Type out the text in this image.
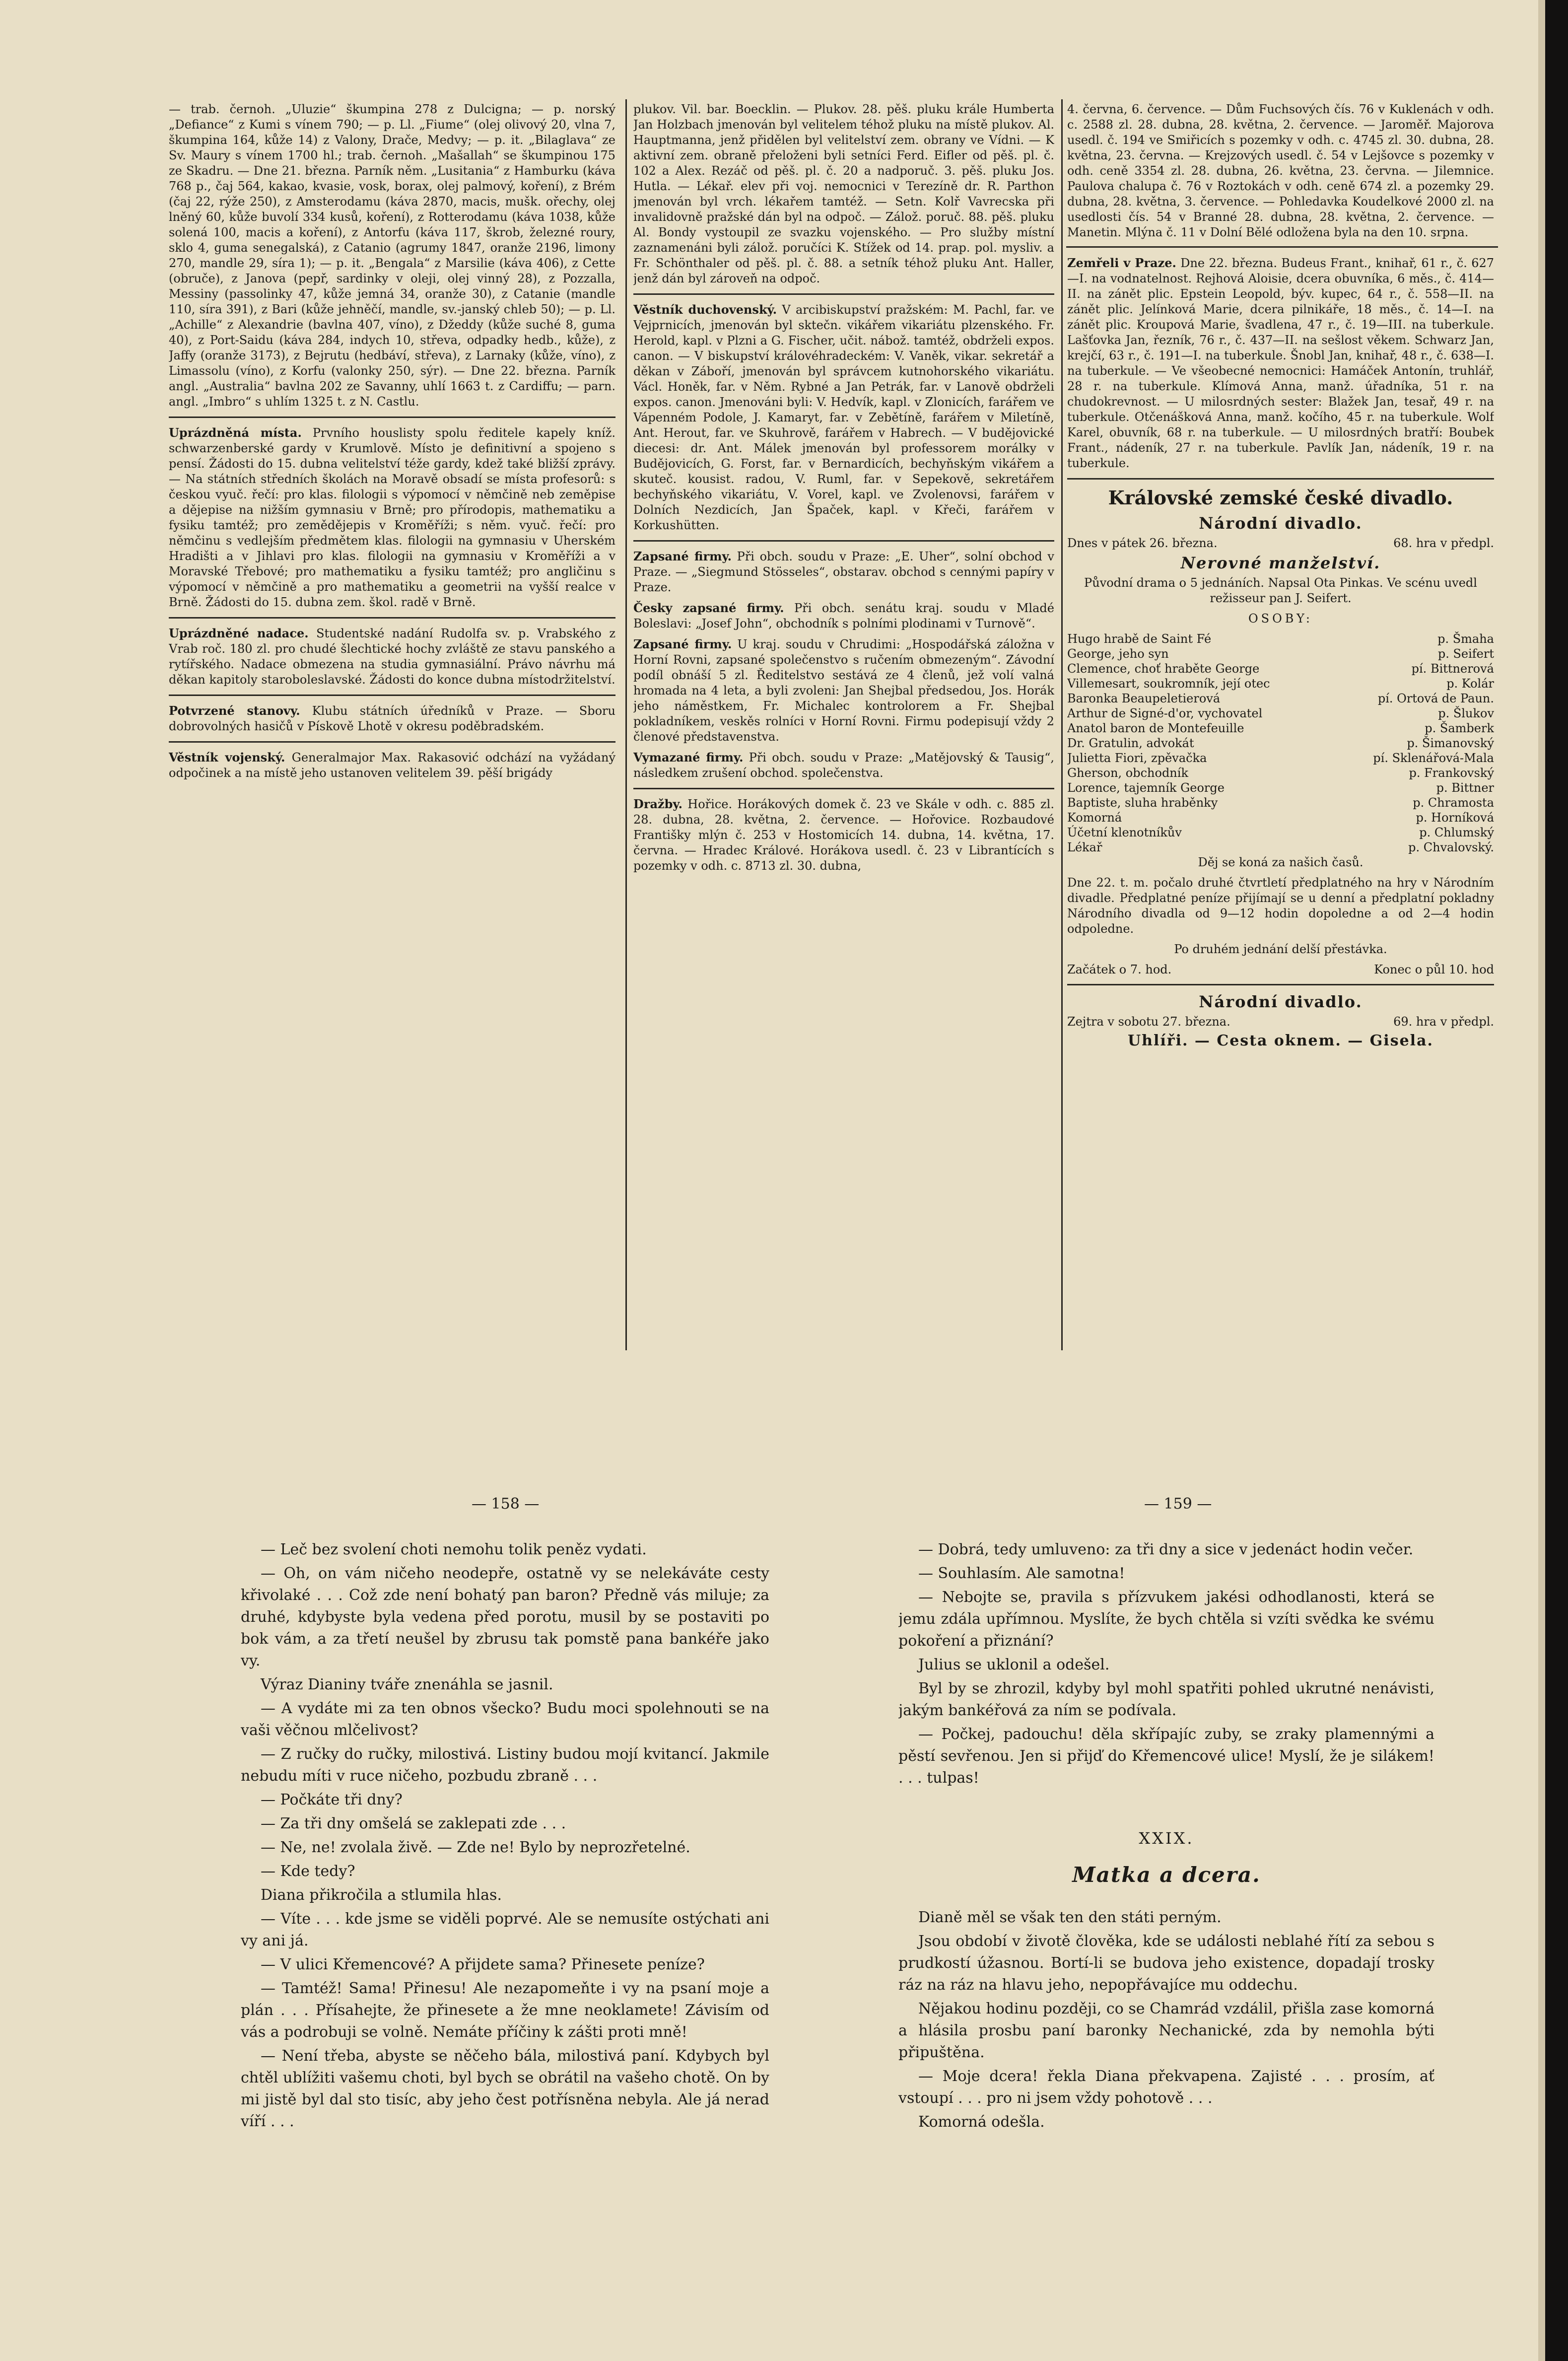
— trab. černoh. „Uluzie“ škumpina 278 z Dulcigna; — p. norský „Defiance“ z Kumi s vínem 790; — p. Ll. „Fiume“ (olej olivový 20, vlna 7, škumpina 164, kůže 14) z Valony, Drače, Medvy; — p. it. „Bilaglava“ ze Sv. Maury s vínem 1700 hl.; trab. černoh. „Mašallah“ se škumpinou 175 ze Skadru. — Dne 21. března. Parník něm. „Lusitania“ z Hamburku (káva 768 p., čaj 564, kakao, kvasie, vosk, borax, olej palmový, koření), z Brém (čaj 22, rýže 250), z Amsterodamu (káva 2870, macis, mušk. ořechy, olej lněný 60, kůže buvolí 334 kusů, koření), z Rotterodamu (káva 1038, kůže solená 100, macis a koření), z Antorfu (káva 117, škrob, železné roury, sklo 4, guma senegalská), z Catanio (agrumy 1847, oranže 2196, limony 270, mandle 29, síra 1); — p. it. „Bengala“ z Marsilie (káva 406), z Cette (obruče), z Janova (pepř, sardinky v oleji, olej vinný 28), z Pozzalla, Messiny (passolinky 47, kůže jemná 34, oranže 30), z Catanie (mandle 110, síra 391), z Bari (kůže jehněčí, mandle, sv.-janský chleb 50); — p. Ll. „Achille“ z Alexandrie (bavlna 407, víno), z Džeddy (kůže suché 8, guma 40), z Port-Saidu (káva 284, indych 10, střeva, odpadky hedb., kůže), z Jaffy (oranže 3173), z Bejrutu (hedbáví, střeva), z Larnaky (kůže, víno), z Limassolu (víno), z Korfu (valonky 250, sýr). — Dne 22. března. Parník angl. „Australia“ bavlna 202 ze Savanny, uhlí 1663 t. z Cardiffu; — parn. angl. „Imbro“ s uhlím 1325 t. z N. Castlu.

Uprázdněná místa. Prvního houslisty spolu ředitele kapely kníž. schwarzenberské gardy v Krumlově. Místo je definitivní a spojeno s pensí. Žádosti do 15. dubna velitelství téže gardy, kdež také bližší zprávy. — Na státních středních školách na Moravě obsadí se místa profesorů: s českou vyuč. řečí: pro klas. filologii s výpomocí v němčině neb zeměpise a dějepise na nižším gymnasiu v Brně; pro přírodopis, mathematiku a fysiku tamtéž; pro zemědějepis v Kroměříži; s něm. vyuč. řečí: pro němčinu s vedlejším předmětem klas. filologii na gymnasiu v Uherském Hradišti a v Jihlavi pro klas. filologii na gymnasiu v Kroměříži a v Moravské Třebové; pro mathematiku a fysiku tamtéž; pro angličinu s výpomocí v němčině a pro mathematiku a geometrii na vyšší realce v Brně. Žádosti do 15. dubna zem. škol. radě v Brně.

Uprázdněné nadace. Studentské nadání Rudolfa sv. p. Vrabského z Vrab roč. 180 zl. pro chudé šlechtické hochy zvláště ze stavu panského a rytířského. Nadace obmezena na studia gymnasiální. Právo návrhu má děkan kapitoly staroboleslavské. Žádosti do konce dubna místodržitelství.

Potvrzené stanovy. Klubu státních úředníků v Praze. — Sboru dobrovolných hasičů v Pískově Lhotě v okresu poděbradském.

Věstník vojenský. Generalmajor Max. Rakasović odchází na vyžádaný odpočinek a na místě jeho ustanoven velitelem 39. pěší brigády

plukov. Vil. bar. Boecklin. — Plukov. 28. pěš. pluku krále Humberta Jan Holzbach jmenován byl velitelem téhož pluku na místě plukov. Al. Hauptmanna, jenž přidělen byl velitelství zem. obrany ve Vídni. — K aktivní zem. obraně přeloženi byli setníci Ferd. Eifler od pěš. pl. č. 102 a Alex. Rezáč od pěš. pl. č. 20 a nadporuč. 3. pěš. pluku Jos. Hutla. — Lékař. elev při voj. nemocnici v Terezíně dr. R. Parthon jmenován byl vrch. lékařem tamtéž. — Setn. Kolř Vavrecska při invalidovně pražské dán byl na odpoč. — Zálož. poruč. 88. pěš. pluku Al. Bondy vystoupil ze svazku vojenského. — Pro služby místní zaznamenáni byli zálož. poručíci K. Stížek od 14. prap. pol. mysliv. a Fr. Schönthaler od pěš. pl. č. 88. a setník téhož pluku Ant. Haller, jenž dán byl zároveň na odpoč.

Věstník duchovenský. V arcibiskupství pražském: M. Pachl, far. ve Vejprnicích, jmenován byl sktečn. vikářem vikariátu plzenského. Fr. Herold, kapl. v Plzni a G. Fischer, učit. nábož. tamtéž, obdrželi expos. canon. — V biskupství královéhradeckém: V. Vaněk, vikar. sekretář a děkan v Záboří, jmenován byl správcem kutnohorského vikariátu. Václ. Honěk, far. v Něm. Rybné a Jan Petrák, far. v Lanově obdrželi expos. canon. Jmenováni byli: V. Hedvík, kapl. v Zlonicích, farářem ve Vápenném Podole, J. Kamaryt, far. v Zebětíně, farářem v Miletíně, Ant. Herout, far. ve Skuhrově, farářem v Habrech. — V budějovické diecesi: dr. Ant. Málek jmenován byl professorem morálky v Budějovicích, G. Forst, far. v Bernardicích, bechyňským vikářem a skuteč. kousist. radou, V. Ruml, far. v Sepekově, sekretářem bechyňského vikariátu, V. Vorel, kapl. ve Zvolenovsi, farářem v Dolních Nezdicích, Jan Špaček, kapl. v Křeči, farářem v Korkushütten.

Zapsané firmy. Při obch. soudu v Praze: „E. Uher“, solní obchod v Praze. — „Siegmund Stösseles“, obstarav. obchod s cennými papíry v Praze.

Česky zapsané firmy. Při obch. senátu kraj. soudu v Mladé Boleslavi: „Josef John“, obchodník s polními plodinami v Turnově“.

Zapsané firmy. U kraj. soudu v Chrudimi: „Hospodářská záložna v Horní Rovni, zapsané společenstvo s ručením obmezeným“. Závodní podíl obnáší 5 zl. Ředitelstvo sestává ze 4 členů, jež volí valná hromada na 4 leta, a byli zvoleni: Jan Shejbal předsedou, Jos. Horák jeho náměstkem, Fr. Michalec kontrolorem a Fr. Shejbal pokladníkem, veskěs rolníci v Horní Rovni. Firmu podepisují vždy 2 členové představenstva.

Vymazané firmy. Při obch. soudu v Praze: „Matějovský & Tausig“, následkem zrušení obchod. společenstva.

Dražby. Hořice. Horákových domek č. 23 ve Skále v odh. c. 885 zl. 28. dubna, 28. května, 2. července. — Hořovice. Rozbaudové Františky mlýn č. 253 v Hostomicích 14. dubna, 14. května, 17. června. — Hradec Králové. Horákova usedl. č. 23 v Librantících s pozemky v odh. c. 8713 zl. 30. dubna,

4. června, 6. července. — Dům Fuchsových čís. 76 v Kuklenách v odh. c. 2588 zl. 28. dubna, 28. května, 2. července. — Jaroměř. Majorova usedl. č. 194 ve Smiřicích s pozemky v odh. c. 4745 zl. 30. dubna, 28. května, 23. června. — Krejzových usedl. č. 54 v Lejšovce s pozemky v odh. ceně 3354 zl. 28. dubna, 26. května, 23. června. — Jilemnice. Paulova chalupa č. 76 v Roztokách v odh. ceně 674 zl. a pozemky 29. dubna, 28. května, 3. července. — Pohledavka Koudelkové 2000 zl. na usedlosti čís. 54 v Branné 28. dubna, 28. května, 2. července. — Manetin. Mlýna č. 11 v Dolní Bělé odložena byla na den 10. srpna.

Zemřeli v Praze. Dne 22. března. Budeus Frant., knihař, 61 r., č. 627—I. na vodnatelnost. Rejhová Aloisie, dcera obuvníka, 6 měs., č. 414—II. na zánět plic. Epstein Leopold, býv. kupec, 64 r., č. 558—II. na zánět plic. Jelínková Marie, dcera pilnikáře, 18 měs., č. 14—I. na zánět plic. Kroupová Marie, švadlena, 47 r., č. 19—III. na tuberkule. Lašťovka Jan, řezník, 76 r., č. 437—II. na sešlost věkem. Schwarz Jan, krejčí, 63 r., č. 191—I. na tuberkule. Šnobl Jan, knihař, 48 r., č. 638—I. na tuberkule. — Ve všeobecné nemocnici: Hamáček Antonín, truhlář, 28 r. na tuberkule. Klímová Anna, manž. úřadníka, 51 r. na chudokrevnost. — U milosrdných sester: Blažek Jan, tesař, 49 r. na tuberkule. Otčenášková Anna, manž. kočího, 45 r. na tuberkule. Wolf Karel, obuvník, 68 r. na tuberkule. — U milosrdných bratří: Boubek Frant., nádeník, 27 r. na tuberkule. Pavlík Jan, nádeník, 19 r. na tuberkule.

Královské zemské české divadlo.
Národní divadlo.
Dnes v pátek 26. března.	68. hra v předpl.
Nerovné manželství.

Původní drama o 5 jednáních. Napsal Ota Pinkas. Ve scénu uvedl režisseur pan J. Seifert.

OSOBY:

Hugo hrabě de Saint Fé	p. Šmaha
George, jeho syn	p. Seifert
Clemence, choť hraběte George	pí. Bittnerová
Villemesart, soukromník, její otec	p. Kolár
Baronka Beaupeletierová	pí. Ortová de Paun.
Arthur de Signé-d'or, vychovatel	p. Šlukov
Anatol baron de Montefeuille	p. Šamberk
Dr. Gratulin, advokát	p. Šimanovský
Julietta Fiori, zpěvačka	pí. Sklenářová-Mala
Gherson, obchodník	p. Frankovský
Lorence, tajemník George	p. Bittner
Baptiste, sluha hraběnky	p. Chramosta
Komorná	p. Horníková
Účetní klenotníkův	p. Chlumský
Lékař	p. Chvalovský.

Děj se koná za našich časů.

Dne 22. t. m. počalo druhé čtvrtletí předplatného na hry v Národním divadle. Předplatné peníze přijímají se u denní a předplatní pokladny Národního divadla od 9—12 hodin dopoledne a od 2—4 hodin odpoledne.

Po druhém jednání delší přestávka.

Začátek o 7. hod.	Konec o půl 10. hod
Národní divadlo.
Zejtra v sobotu 27. března.	69. hra v předpl.
Uhlíři. — Cesta oknem. — Gisela.
— 158 —	— 159 —

— Leč bez svolení choti nemohu tolik peněz vydati.

— Oh, on vám ničeho neodepře, ostatně vy se nelekáváte cesty křivolaké . . . Což zde není bohatý pan baron? Předně vás miluje; za druhé, kdybyste byla vedena před porotu, musil by se postaviti po bok vám, a za třetí neušel by zbrusu tak pomstě pana bankéře jako vy.

Výraz Dianiny tváře znenáhla se jasnil.

— A vydáte mi za ten obnos všecko? Budu moci spolehnouti se na vaši věčnou mlčelivost?

— Z ručky do ručky, milostivá. Listiny budou mojí kvitancí. Jakmile nebudu míti v ruce ničeho, pozbudu zbraně . . .

— Počkáte tři dny?

— Za tři dny omšelá se zaklepati zde . . .

— Ne, ne! zvolala živě. — Zde ne! Bylo by neprozřetelné.

— Kde tedy?

Diana přikročila a stlumila hlas.

— Víte . . . kde jsme se viděli poprvé. Ale se nemusíte ostýchati ani vy ani já.

— V ulici Křemencové? A přijdete sama? Přinesete peníze?

— Tamtéž! Sama! Přinesu! Ale nezapomeňte i vy na psaní moje a plán . . . Přísahejte, že přinesete a že mne neoklamete! Závisím od vás a podrobuji se volně. Nemáte příčiny k zášti proti mně!

— Není třeba, abyste se něčeho bála, milostivá paní. Kdybych byl chtěl ublížiti vašemu choti, byl bych se obrátil na vašeho chotě. On by mi jistě byl dal sto tisíc, aby jeho čest potřísněna nebyla. Ale já nerad víří . . .

— Dobrá, tedy umluveno: za tři dny a sice v jedenáct hodin večer.

— Souhlasím. Ale samotna!

— Nebojte se, pravila s přízvukem jakési odhodlanosti, která se jemu zdála upřímnou. Myslíte, že bych chtěla si vzíti svědka ke svému pokoření a přiznání?

Julius se uklonil a odešel.

Byl by se zhrozil, kdyby byl mohl spatřiti pohled ukrutné nenávisti, jakým bankéřová za ním se podívala.

— Počkej, padouchu! děla skřípajíc zuby, se zraky plamennými a pěstí sevřenou. Jen si přijď do Křemencové ulice! Myslí, že je silákem! . . . tulpas!

XXIX.
Matka a dcera.

Dianě měl se však ten den státi perným.

Jsou období v životě člověka, kde se události neblahé řítí za sebou s prudkostí úžasnou. Bortí-li se budova jeho existence, dopadají trosky ráz na ráz na hlavu jeho, nepopřávajíce mu oddechu.

Nějakou hodinu později, co se Chamrád vzdálil, přišla zase komorná a hlásila prosbu paní baronky Nechanické, zda by nemohla býti připuštěna.

— Moje dcera! řekla Diana překvapena. Zajisté . . . prosím, ať vstoupí . . . pro ni jsem vždy pohotově . . .

Komorná odešla.
